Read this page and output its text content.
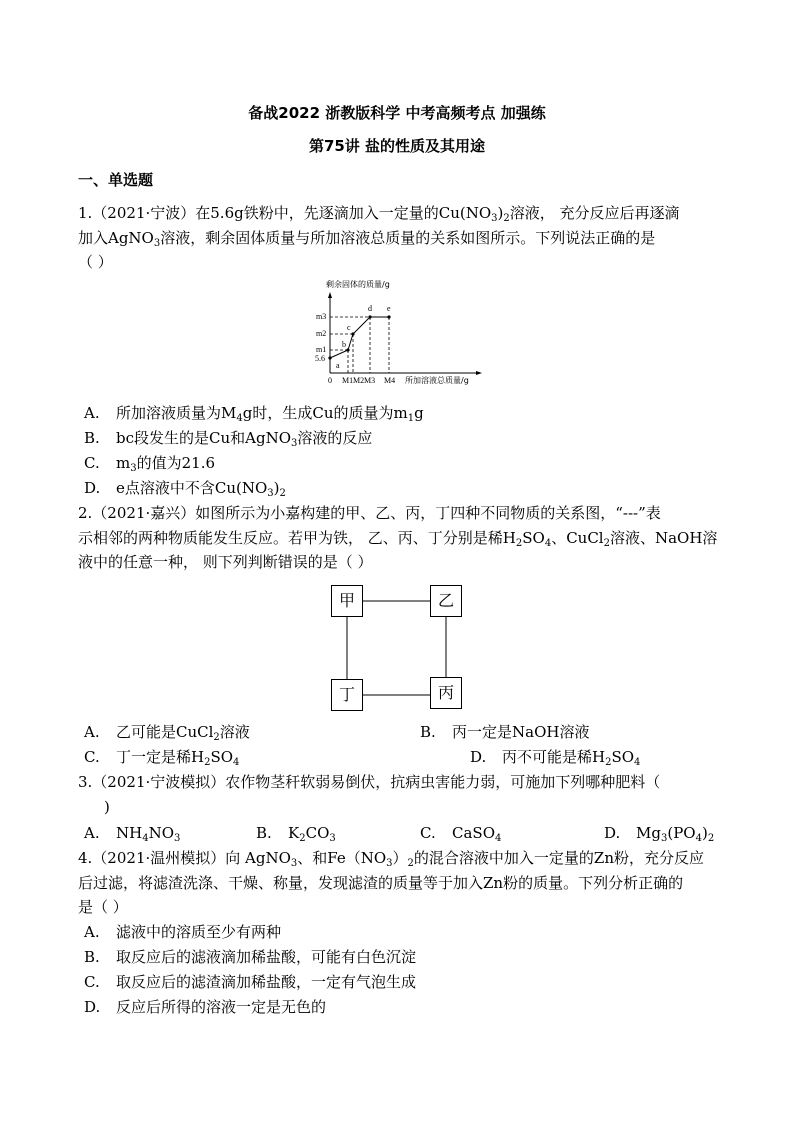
备战2022 浙教版科学 中考高频考点 加强练
第75讲 盐的性质及其用途
一、单选题
1.（2021·宁波）在5.6g铁粉中，先逐滴加入一定量的$Cu(NO_3)_2$溶液， 充分反应后再逐滴
加入AgNO$_3$溶液，剩余固体质量与所加溶液总质量的关系如图所示。下列说法正确的是
（ ）
剩余固体的质量/g
a
b
c
d e
m3
m2
m1
5.6
0 M1 M2 M3 M4 所加溶液总质量/g
A. 所加溶液质量为$M_4g$时，生成Cu的质量为$m_1g$
B. bc段发生的是Cu和AgNO$_3$溶液的反应
C. $m_3$的值为21.6
D. e点溶液中不含$Cu(NO_3)_2$
2.（2021·嘉兴）如图所示为小嘉构建的甲、乙、丙，丁四种不同物质的关系图，“---”表
示相邻的两种物质能发生反应。若甲为铁， 乙、丙、丁分别是稀$H_2SO_4$、CuCl$_2$溶液、NaOH溶
液中的任意一种， 则下列判断错误的是（ ）
甲	乙
丁	丙
A. 乙可能是CuCl$_2$溶液	B. 丙一定是NaOH溶液
C. 丁一定是稀$H_2SO_4$	D. 丙不可能是稀$H_2SO_4$
3.（2021·宁波模拟）农作物茎秆软弱易倒伏，抗病虫害能力弱，可施加下列哪种肥料（
)
A. $NH_4NO_3$	B. $K_2CO_3$	C. CaSO$_4$	D. $Mg_3(PO_4)_2$
4.（2021·温州模拟）向 AgNO$_3$、和$Fe(NO_3)_2$的混合溶液中加入一定量的Zn粉，充分反应
后过滤，将滤渣洗涤、干燥、称量，发现滤渣的质量等于加入Zn粉的质量。下列分析正确的
是（ ）
A. 滤液中的溶质至少有两种
B. 取反应后的滤液滴加稀盐酸，可能有白色沉淀
C. 取反应后的滤渣滴加稀盐酸，一定有气泡生成
D. 反应后所得的溶液一定是无色的
